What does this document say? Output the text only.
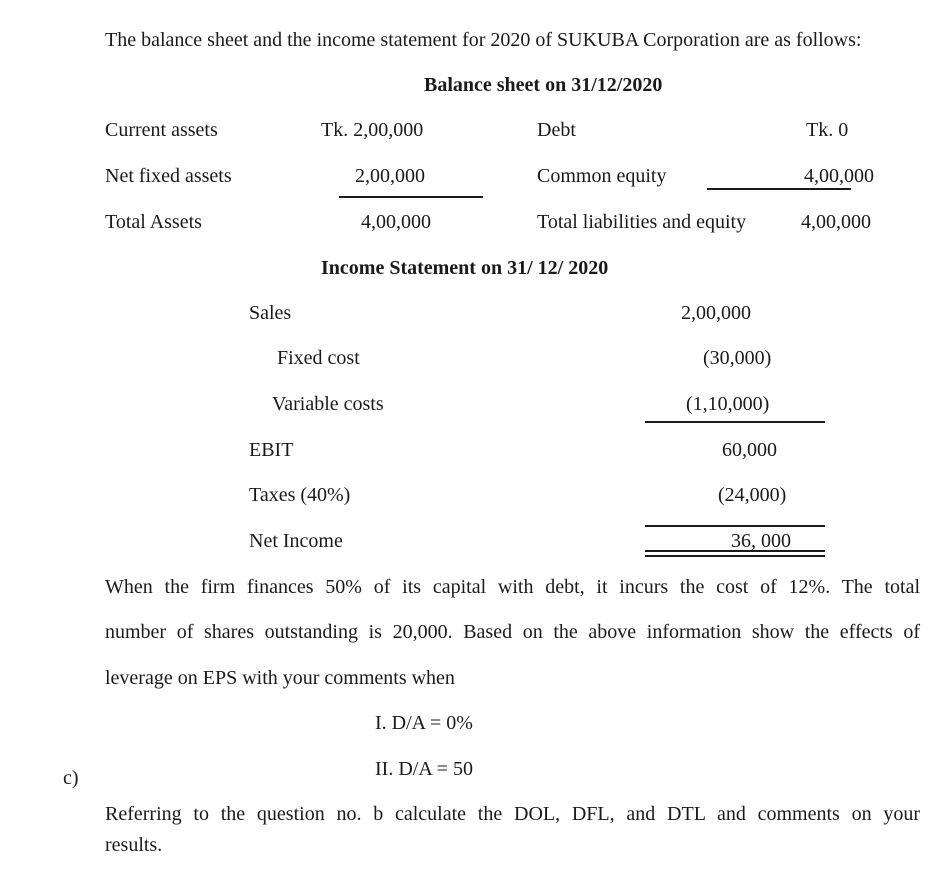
The balance sheet and the income statement for 2020 of SUKUBA Corporation are as follows:
Balance sheet on 31/12/2020
Current assets	Tk. 2,00,000	Debt	Tk. 0
Net fixed assets	2,00,000	Common equity	4,00,000
Total Assets	4,00,000	Total liabilities and equity	4,00,000
Income Statement on 31/ 12/ 2020
Sales	2,00,000
Fixed cost	(30,000)
Variable costs	(1,10,000)
EBIT	60,000
Taxes (40%)	(24,000)
Net Income	36, 000
When the firm finances 50% of its capital with debt, it incurs the cost of 12%. The total
number of shares outstanding is 20,000. Based on the above information show the effects of
leverage on EPS with your comments when
I. D/A = 0%
II. D/A = 50
c)
Referring to the question no. b calculate the DOL, DFL, and DTL and comments on your
results.
